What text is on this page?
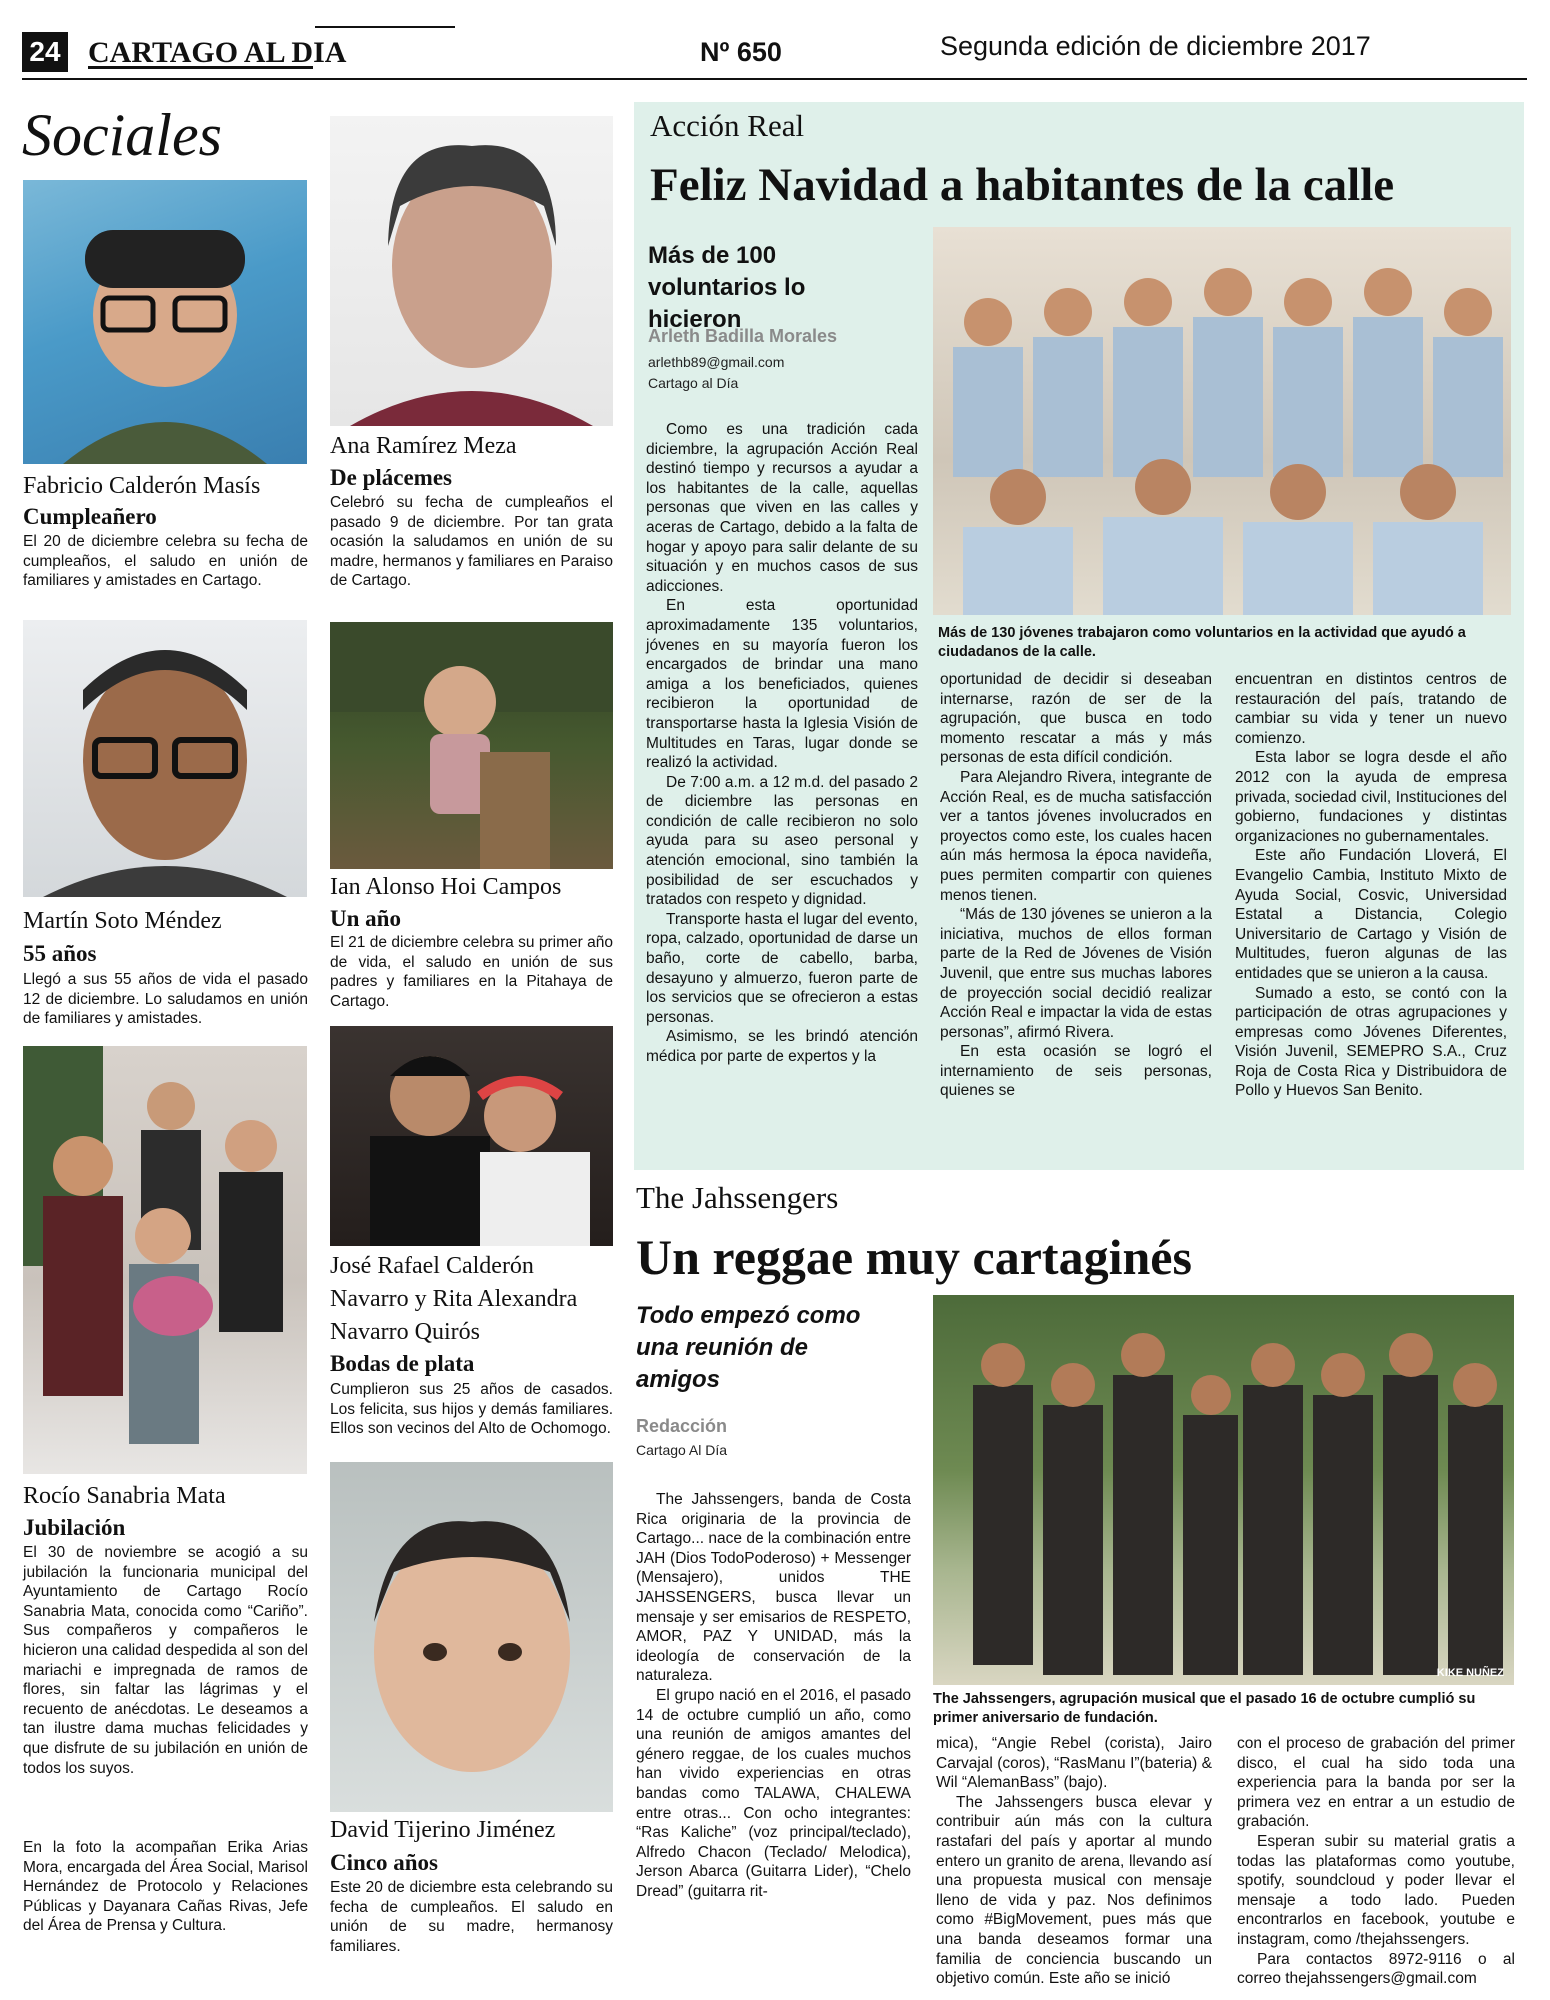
24 CARTAGO AL DIA	Nº 650	Segunda edición de diciembre 2017
Sociales
Fabricio Calderón Masís
Cumpleañero
El 20 de diciembre celebra su fecha de cumpleaños, el saludo en unión de familiares y amistades en Cartago.
Martín Soto Méndez
55 años
Llegó a sus 55 años de vida el pasado 12 de diciembre. Lo saludamos en unión de familiares y amistades.
Rocío Sanabria Mata
Jubilación
El 30 de noviembre se acogió a su jubilación la funcionaria municipal del Ayuntamiento de Cartago Rocío Sanabria Mata, conocida como “Cariño”. Sus compañeros y compañeros le hicieron una calidad despedida al son del mariachi e impregnada de ramos de flores, sin faltar las lágrimas y el recuento de anécdotas. Le deseamos a tan ilustre dama muchas felicidades y que disfrute de su jubilación en unión de todos los suyos.
En la foto la acompañan Erika Arias Mora, encargada del Área Social, Marisol Hernández de Protocolo y Relaciones Públicas y Dayanara Cañas Rivas, Jefe del Área de Prensa y Cultura.
Ana Ramírez Meza
De plácemes
Celebró su fecha de cumpleaños el pasado 9 de diciembre. Por tan grata ocasión la saludamos en unión de su madre, hermanos y familiares en Paraiso de Cartago.
Ian Alonso Hoi Campos
Un año
El 21 de diciembre celebra su primer año de vida, el saludo en unión de sus padres y familiares en la Pitahaya de Cartago.
José Rafael Calderón Navarro y Rita Alexandra Navarro Quirós
Bodas de plata
Cumplieron sus 25 años de casados. Los felicita, sus hijos y demás familiares. Ellos son vecinos del Alto de Ochomogo.
David Tijerino Jiménez
Cinco años
Este 20 de diciembre esta celebrando su fecha de cumpleaños. El saludo en unión de su madre, hermanosy familiares.
Acción Real
Feliz Navidad a habitantes de la calle
Más de 100 voluntarios lo hicieron
Arleth Badilla Morales
arlethb89@gmail.com
Cartago al Día
Más de 130 jóvenes trabajaron como voluntarios en la actividad que ayudó a ciudadanos de la calle.

Como es una tradición cada diciembre, la agrupación Acción Real destinó tiempo y recursos a ayudar a los habitantes de la calle, aquellas personas que viven en las calles y aceras de Cartago, debido a la falta de hogar y apoyo para salir delante de su situación y en muchos casos de sus adicciones.

En esta oportunidad aproximadamente 135 voluntarios, jóvenes en su mayoría fueron los encargados de brindar una mano amiga a los beneficiados, quienes recibieron la oportunidad de transportarse hasta la Iglesia Visión de Multitudes en Taras, lugar donde se realizó la actividad.

De 7:00 a.m. a 12 m.d. del pasado 2 de diciembre las personas en condición de calle recibieron no solo ayuda para su aseo personal y atención emocional, sino también la posibilidad de ser escuchados y tratados con respeto y dignidad.

Transporte hasta el lugar del evento, ropa, calzado, oportunidad de darse un baño, corte de cabello, barba, desayuno y almuerzo, fueron parte de los servicios que se ofrecieron a estas personas.

Asimismo, se les brindó atención médica por parte de expertos y la

oportunidad de decidir si deseaban internarse, razón de ser de la agrupación, que busca en todo momento rescatar a más y más personas de esta difícil condición.

Para Alejandro Rivera, integrante de Acción Real, es de mucha satisfacción ver a tantos jóvenes involucrados en proyectos como este, los cuales hacen aún más hermosa la época navideña, pues permiten compartir con quienes menos tienen.

“Más de 130 jóvenes se unieron a la iniciativa, muchos de ellos forman parte de la Red de Jóvenes de Visión Juvenil, que entre sus muchas labores de proyección social decidió realizar Acción Real e impactar la vida de estas personas”, afirmó Rivera.

En esta ocasión se logró el internamiento de seis personas, quienes se

encuentran en distintos centros de restauración del país, tratando de cambiar su vida y tener un nuevo comienzo.

Esta labor se logra desde el año 2012 con la ayuda de empresa privada, sociedad civil, Instituciones del gobierno, fundaciones y distintas organizaciones no gubernamentales.

Este año Fundación Lloverá, El Evangelio Cambia, Instituto Mixto de Ayuda Social, Cosvic, Universidad Estatal a Distancia, Colegio Universitario de Cartago y Visión de Multitudes, fueron algunas de las entidades que se unieron a la causa.

Sumado a esto, se contó con la participación de otras agrupaciones y empresas como Jóvenes Diferentes, Visión Juvenil, SEMEPRO S.A., Cruz Roja de Costa Rica y Distribuidora de Pollo y Huevos San Benito.

The Jahssengers
Un reggae muy cartaginés
Todo empezó como una reunión de amigos
Redacción
Cartago Al Día
KIKE NUÑEZ
The Jahssengers, agrupación musical que el pasado 16 de octubre cumplió su primer aniversario de fundación.

The Jahssengers, banda de Costa Rica originaria de la provincia de Cartago... nace de la combinación entre JAH (Dios TodoPoderoso) + Messenger (Mensajero), unidos THE JAHSSENGERS, busca llevar un mensaje y ser emisarios de RESPETO, AMOR, PAZ Y UNIDAD, más la ideología de conservación de la naturaleza.

El grupo nació en el 2016, el pasado 14 de octubre cumplió un año, como una reunión de amigos amantes del género reggae, de los cuales muchos han vivido experiencias en otras bandas como TALAWA, CHALEWA entre otras... Con ocho integrantes: “Ras Kaliche” (voz principal/teclado), Alfredo Chacon (Teclado/ Melodica), Jerson Abarca (Guitarra Lider), “Chelo Dread” (guitarra rit-

mica), “Angie Rebel (corista), Jairo Carvajal (coros), “RasManu I”(bateria) & Wil “AlemanBass” (bajo).

The Jahssengers busca elevar y contribuir aún más con la cultura rastafari del país y aportar al mundo entero un granito de arena, llevando así una propuesta musical con mensaje lleno de vida y paz. Nos definimos como #BigMovement, pues más que una banda deseamos formar una familia de conciencia buscando un objetivo común. Este año se inició

con el proceso de grabación del primer disco, el cual ha sido toda una experiencia para la banda por ser la primera vez en entrar a un estudio de grabación.

Esperan subir su material gratis a todas las plataformas como youtube, spotify, soundcloud y poder llevar el mensaje a todo lado. Pueden encontrarlos en facebook, youtube e instagram, como /thejahssengers.

Para contactos 8972-9116 o al correo thejahssengers@gmail.com
